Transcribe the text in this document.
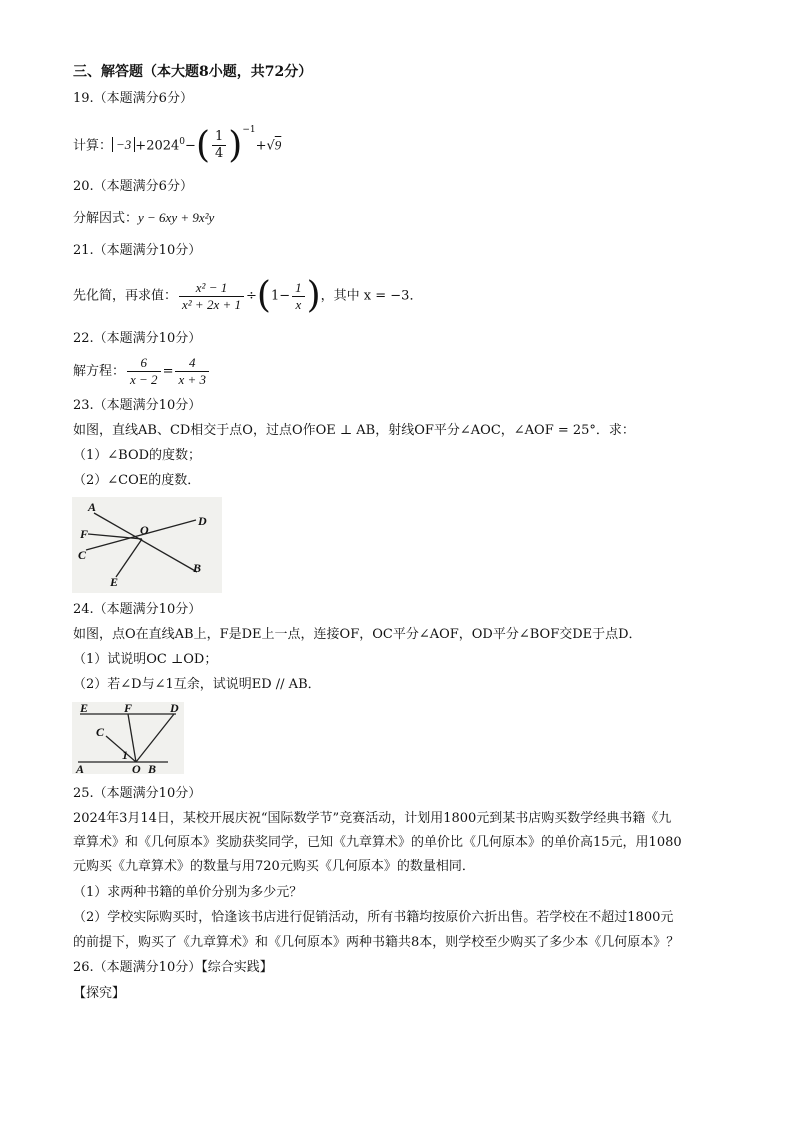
三、解答题（本大题8小题，共72分）
19.（本题满分6分）
计算： $-3 +2024^0-( \frac{1}{4} )^{-1}+√9$
20.（本题满分6分）
分解因式：y − 6xy + 9x²y
21.（本题满分10分）
先化简，再求值： $\frac{\text{x² − 1}}{\text{x² + 2x + 1}} \div(1- \frac{1}{x}$ )，其中 x = −3．
22.（本题满分10分）
解方程： $\frac{6}{x - 2} = \frac{4}{x + 3}$
23.（本题满分10分）
如图，直线AB、CD相交于点O，过点O作OE ⊥ AB，射线OF平分∠AOC，∠AOF = 25°．求：
（1）∠BOD的度数；
（2）∠COE的度数．
A
O
D
F
C
B
E
24.（本题满分10分）
如图，点O在直线AB上，F是DE上一点，连接OF，OC平分∠AOF，OD平分∠BOF交DE于点D．
（1）试说明OC ⊥OD；
（2）若∠D与∠1互余，试说明ED // AB．
E	F	D
C
1
A	O B
25.（本题满分10分）
2024年3月14日，某校开展庆祝“国际数学节”竞赛活动，计划用1800元到某书店购买数学经典书籍《九
章算术》和《几何原本》奖励获奖同学，已知《九章算术》的单价比《几何原本》的单价高15元，用1080
元购买《九章算术》的数量与用720元购买《几何原本》的数量相同．
（1）求两种书籍的单价分别为多少元？
（2）学校实际购买时，恰逢该书店进行促销活动，所有书籍均按原价六折出售。若学校在不超过1800元
的前提下，购买了《九章算术》和《几何原本》两种书籍共8本，则学校至少购买了多少本《几何原本》？
26.（本题满分10分）【综合实践】
【探究】
